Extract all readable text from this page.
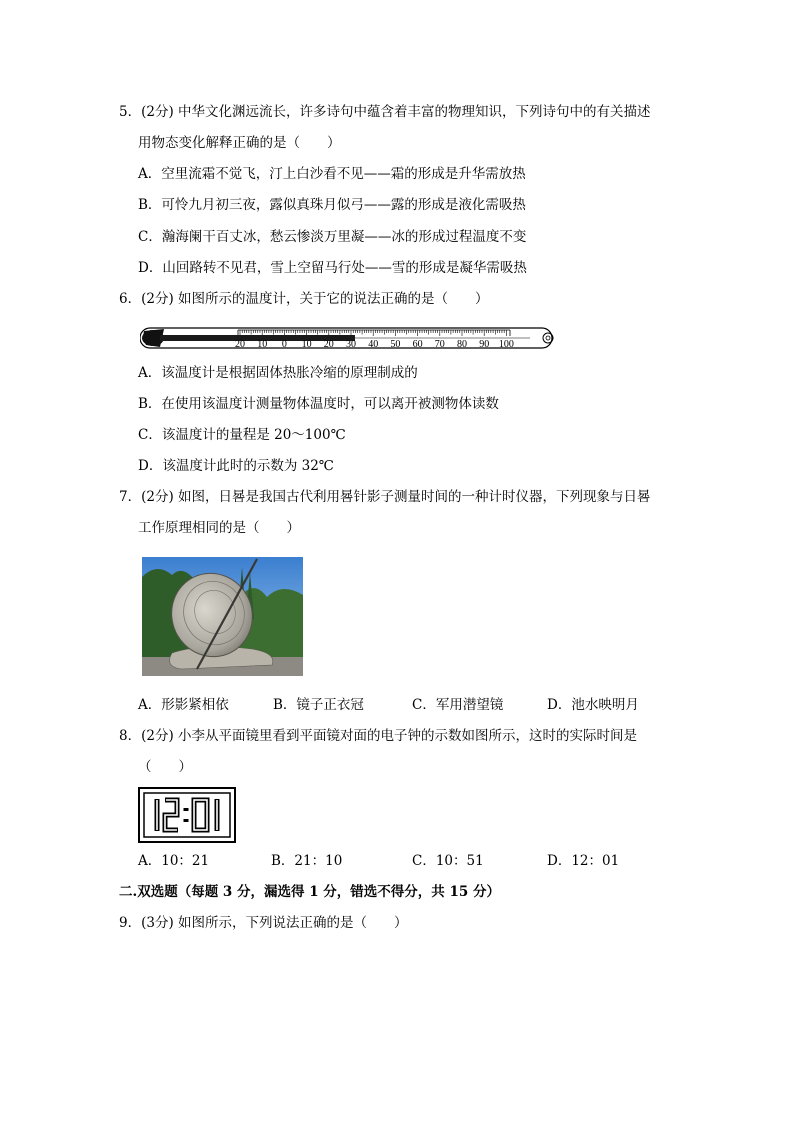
5．(2分) 中华文化渊远流长，许多诗句中蕴含着丰富的物理知识，下列诗句中的有关描述
用物态变化解释正确的是（　　）
A．空里流霜不觉飞，汀上白沙看不见——霜的形成是升华需放热
B．可怜九月初三夜，露似真珠月似弓——露的形成是液化需吸热
C．瀚海阑干百丈冰，愁云惨淡万里凝——冰的形成过程温度不变
D．山回路转不见君，雪上空留马行处——雪的形成是凝华需吸热
6．(2分) 如图所示的温度计，关于它的说法正确的是（　　）
20 10 0 10 20 30 40 50 60 70 80 90 100
A．该温度计是根据固体热胀冷缩的原理制成的
B．在使用该温度计测量物体温度时，可以离开被测物体读数
C．该温度计的量程是 20～100℃
D．该温度计此时的示数为 32℃
7．(2分) 如图，日晷是我国古代利用晷针影子测量时间的一种计时仪器，下列现象与日晷
工作原理相同的是（　　）
A．形影紧相依	B．镜子正衣冠	C．军用潜望镜	D．池水映明月
8．(2分) 小李从平面镜里看到平面镜对面的电子钟的示数如图所示，这时的实际时间是
（　　）
12:01
A．10：21	B．21：10	C．10：51	D．12：01
二.双选题（每题 3 分，漏选得 1 分，错选不得分，共 15 分）
9．(3分) 如图所示，下列说法正确的是（　　）
